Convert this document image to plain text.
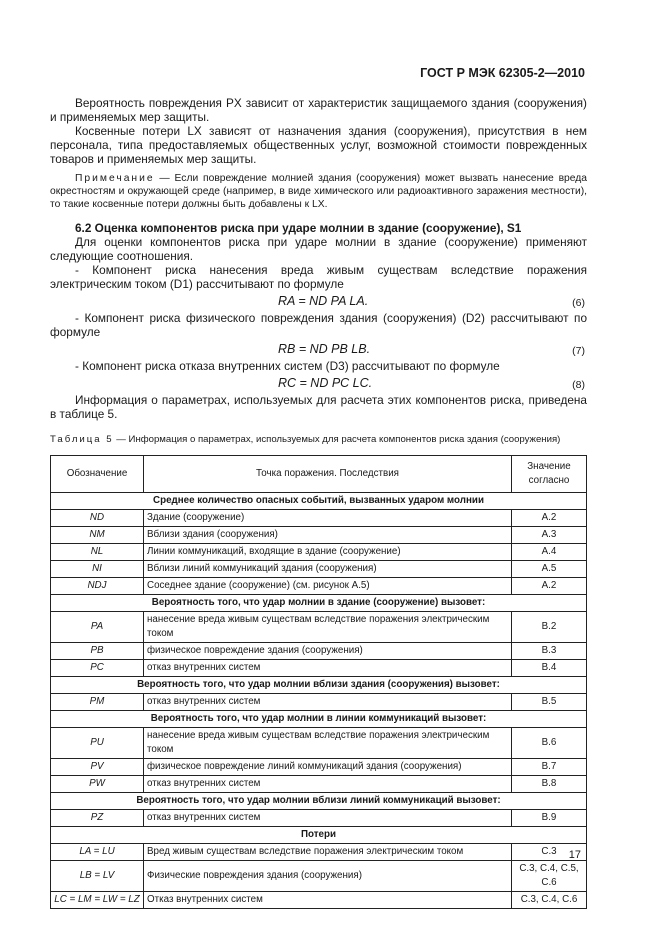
ГОСТ Р МЭК 62305-2—2010

Вероятность повреждения PX зависит от характеристик защищаемого здания (сооружения) и применяемых мер защиты.

Косвенные потери LX зависят от назначения здания (сооружения), присутствия в нем персонала, типа предоставляемых общественных услуг, возможной стоимости поврежденных товаров и применяемых мер защиты.

Примечание — Если повреждение молнией здания (сооружения) может вызвать нанесение вреда окрестностям и окружающей среде (например, в виде химического или радиоактивного заражения местности), то такие косвенные потери должны быть добавлены к LX.

6.2 Оценка компонентов риска при ударе молнии в здание (сооружение), S1

Для оценки компонентов риска при ударе молнии в здание (сооружение) применяют следующие соотношения.

- Компонент риска нанесения вреда живым существам вследствие поражения электрическим током (D1) рассчитывают по формуле

RA = ND PA LA.	(6)

- Компонент риска физического повреждения здания (сооружения) (D2) рассчитывают по формуле

RB = ND PB LB.	(7)

- Компонент риска отказа внутренних систем (D3) рассчитывают по формуле

RC = ND PC LC.	(8)

Информация о параметрах, используемых для расчета этих компонентов риска, приведена в таблице 5.

Таблица 5 — Информация о параметрах, используемых для расчета компонентов риска здания (сооружения)

Обозначение	Точка поражения. Последствия	Значение согласно
Среднее количество опасных событий, вызванных ударом молнии		
ND	Здание (сооружение)	A.2
NM	Вблизи здания (сооружения)	A.3
NL	Линии коммуникаций, входящие в здание (сооружение)	A.4
NI	Вблизи линий коммуникаций здания (сооружения)	A.5
NDJ	Соседнее здание (сооружение) (см. рисунок A.5)	A.2
Вероятность того, что удар молнии в здание (сооружение) вызовет:		
PA	нанесение вреда живым существам вследствие поражения электрическим током	B.2
PB	физическое повреждение здания (сооружения)	B.3
PC	отказ внутренних систем	B.4
Вероятность того, что удар молнии вблизи здания (сооружения) вызовет:		
PM	отказ внутренних систем	B.5
Вероятность того, что удар молнии в линии коммуникаций вызовет:		
PU	нанесение вреда живым существам вследствие поражения электрическим током	B.6
PV	физическое повреждение линий коммуникаций здания (сооружения)	B.7
PW	отказ внутренних систем	B.8
Вероятность того, что удар молнии вблизи линий коммуникаций вызовет:		
PZ	отказ внутренних систем	B.9
Потери		
LA = LU	Вред живым существам вследствие поражения электрическим током	C.3
LB = LV	Физические повреждения здания (сооружения)	C.3, C.4, C.5, C.6
LC = LM = LW = LZ	Отказ внутренних систем	C.3, C.4, C.6
17
